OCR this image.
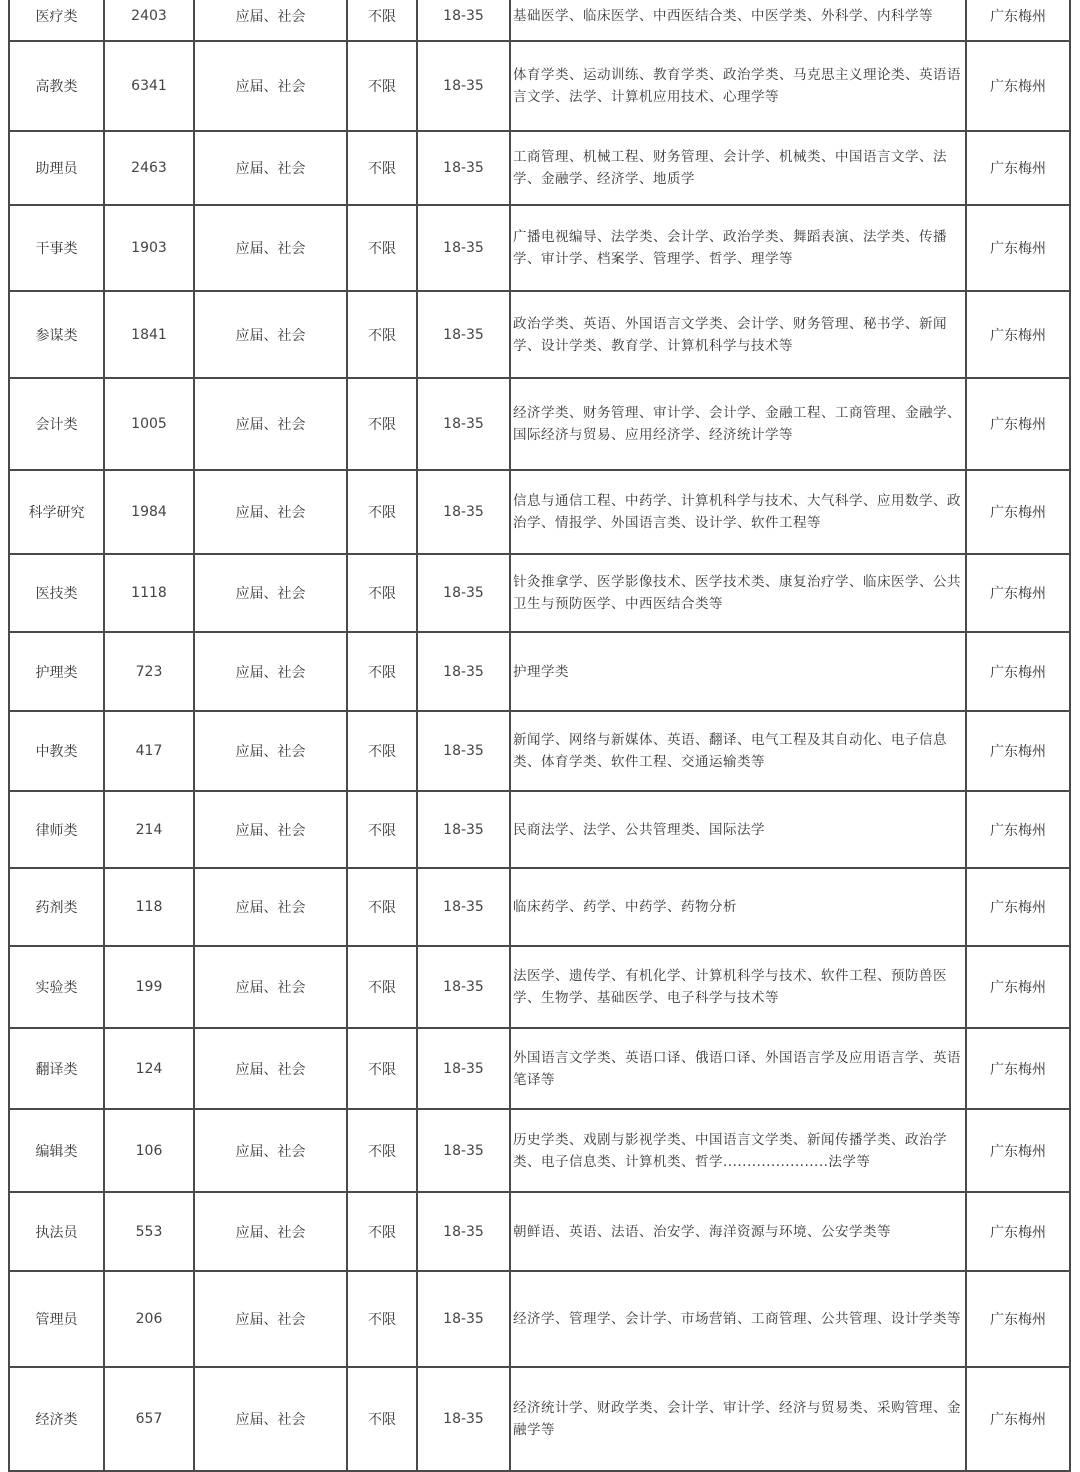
医疗类	2403	应届、社会	不限	18-35	基础医学、临床医学、中西医结合类、中医学类、外科学、内科学等	广东梅州
高教类	6341	应届、社会	不限	18-35	体育学类、运动训练、教育学类、政治学类、马克思主义理论类、英语语言文学、法学、计算机应用技术、心理学等	广东梅州
助理员	2463	应届、社会	不限	18-35	工商管理、机械工程、财务管理、会计学、机械类、中国语言文学、法学、金融学、经济学、地质学	广东梅州
干事类	1903	应届、社会	不限	18-35	广播电视编导、法学类、会计学、政治学类、舞蹈表演、法学类、传播学、审计学、档案学、管理学、哲学、理学等	广东梅州
参谋类	1841	应届、社会	不限	18-35	政治学类、英语、外国语言文学类、会计学、财务管理、秘书学、新闻学、设计学类、教育学、计算机科学与技术等	广东梅州
会计类	1005	应届、社会	不限	18-35	经济学类、财务管理、审计学、会计学、金融工程、工商管理、金融学、国际经济与贸易、应用经济学、经济统计学等	广东梅州
科学研究	1984	应届、社会	不限	18-35	信息与通信工程、中药学、计算机科学与技术、大气科学、应用数学、政治学、情报学、外国语言类、设计学、软件工程等	广东梅州
医技类	1118	应届、社会	不限	18-35	针灸推拿学、医学影像技术、医学技术类、康复治疗学、临床医学、公共卫生与预防医学、中西医结合类等	广东梅州
护理类	723	应届、社会	不限	18-35	护理学类	广东梅州
中教类	417	应届、社会	不限	18-35	新闻学、网络与新媒体、英语、翻译、电气工程及其自动化、电子信息类、体育学类、软件工程、交通运输类等	广东梅州
律师类	214	应届、社会	不限	18-35	民商法学、法学、公共管理类、国际法学	广东梅州
药剂类	118	应届、社会	不限	18-35	临床药学、药学、中药学、药物分析	广东梅州
实验类	199	应届、社会	不限	18-35	法医学、遗传学、有机化学、计算机科学与技术、软件工程、预防兽医学、生物学、基础医学、电子科学与技术等	广东梅州
翻译类	124	应届、社会	不限	18-35	外国语言文学类、英语口译、俄语口译、外国语言学及应用语言学、英语笔译等	广东梅州
编辑类	106	应届、社会	不限	18-35	历史学类、戏剧与影视学类、中国语言文学类、新闻传播学类、政治学类、电子信息类、计算机类、哲学......................法学等	广东梅州
执法员	553	应届、社会	不限	18-35	朝鲜语、英语、法语、治安学、海洋资源与环境、公安学类等	广东梅州
管理员	206	应届、社会	不限	18-35	经济学、管理学、会计学、市场营销、工商管理、公共管理、设计学类等	广东梅州
经济类	657	应届、社会	不限	18-35	经济统计学、财政学类、会计学、审计学、经济与贸易类、采购管理、金融学等	广东梅州
